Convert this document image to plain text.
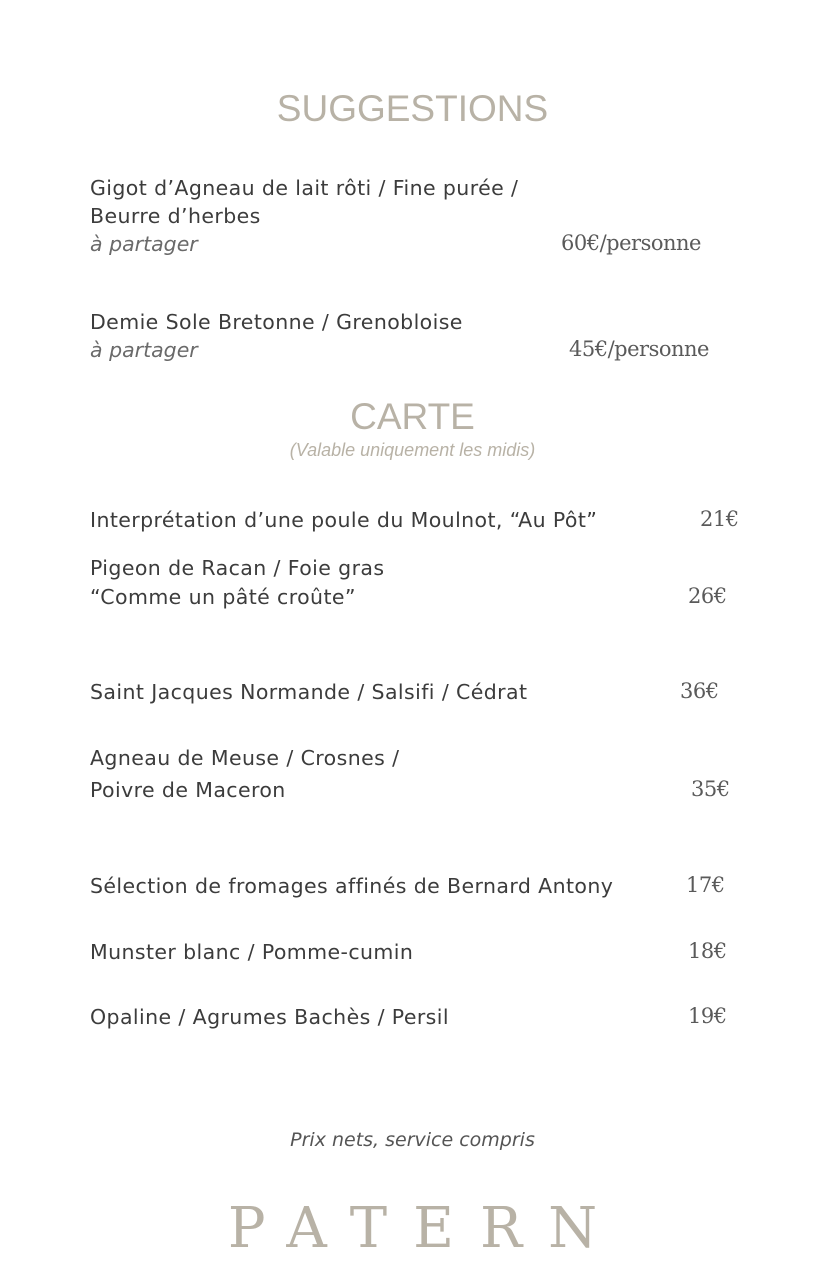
SUGGESTIONS
Gigot d’Agneau de lait rôti / Fine purée /
Beurre d’herbes
à partager	60€/personne
Demie Sole Bretonne / Grenobloise
à partager	45€/personne
CARTE
(Valable uniquement les midis)
Interprétation d’une poule du Moulnot, “Au Pôt”	21€
Pigeon de Racan / Foie gras
“Comme un pâté croûte”	26€
Saint Jacques Normande / Salsifi / Cédrat	36€
Agneau de Meuse / Crosnes /
Poivre de Maceron	35€
Sélection de fromages affinés de Bernard Antony	17€
Munster blanc / Pomme-cumin	18€
Opaline / Agrumes Bachès / Persil	19€
Prix nets, service compris
PATERN
